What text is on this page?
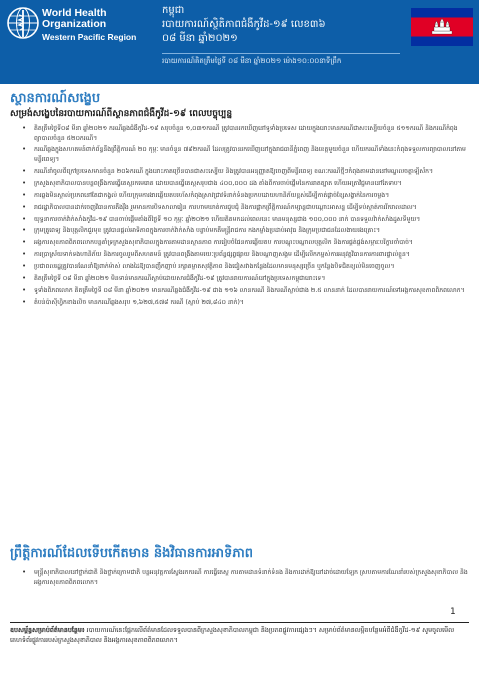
World Health
Organization
Western Pacific Region
កម្ពុជា
របាយការណ៍ស្ថិតិភាពជំងឺកូវីដ-១៩ លេខ៣៦
០៨ មីនា ឆ្នាំ២០២១
របាយការណ៍គិតត្រឹមថ្ងៃទី ០៨ មីនា ឆ្នាំ២០២១ ម៉ោង១០:០០នាទីព្រឹក
ស្ថានការណ៍សង្ខេប
សម្រង់សង្ខេបនៃរបាយការណ៍ពីស្ថានភាពជំងឺកូវីដ-១៩ ពេលបច្ចុប្បន្ន
• គិតត្រឹមថ្ងៃទី០៨ មីនា ឆ្នាំ២០២១ ករណីឆ្លងជំងឺកូវីដ-១៩ សរុបចំនួន ១,០៣១ករណី ត្រូវបានរកឃើញនៅទូទាំងប្រទេស ដោយក្នុងនោះមានករណីជាសះស្បើយចំនួន ៥១១ករណី និងករណីកំពុងព្យាបាលចំនួន ៥២០ករណី។
• ករណីឆ្លងក្នុងសហគមន៍ពាក់ព័ន្ធនឹងព្រឹត្តិការណ៍ ២០ កុម្ភៈ មានចំនួន ៧៩២ករណី ដែលត្រូវបានរកឃើញនៅក្នុងរាជធានីភ្នំពេញ និងខេត្តមួយចំនួន ហើយករណីទាំងនេះកំពុងទទួលការព្យាបាលនៅតាមមន្ទីរពេទ្យ។
• ករណីនាំចូលពីក្រៅប្រទេសមានចំនួន ២០៦ករណី ក្នុងនោះភាគច្រើនបានជាសះស្បើយ និងត្រូវបានអនុញ្ញាតឱ្យចេញពីមន្ទីរពេទ្យ ខណៈករណីថ្មីៗកំពុងតាមដាននៅមណ្ឌលចត្តាឡីស័ក។
• ក្រសួងសុខាភិបាលបានបន្តពង្រឹងការធ្វើតេស្តរកមេរោគ ដោយបានធ្វើតេស្តសរុបជាង ៤០០,០០០ ដង តាំងពីការចាប់ផ្តើមនៃការរាតត្បាត ហើយអត្រាវិជ្ជមាននៅតែទាប។
• ការឆ្លងមិនស្គាល់ប្រភពនៅតែជាកង្វល់ ហើយក្រុមការងារឆ្លើយតបរហ័សកំពុងស្រាវជ្រាវទំនាក់ទំនងប្រកបដោយហានិភ័យខ្ពស់ដើម្បីកាត់ផ្តាច់ខ្សែសង្វាក់នៃការចម្លង។
• រាជរដ្ឋាភិបាលបានដាក់ចេញវិធានការតឹងរ៉ឹង រួមមានការបិទសាលារៀន ការហាមឃាត់ការជួបជុំ និងការផ្អាកព្រឹត្តិការណ៍កម្សាន្តជាបណ្តោះអាសន្ន ដើម្បីទប់ស្កាត់ការរីករាលដាល។
• យុទ្ធនាការចាក់វ៉ាក់សាំងកូវីដ-១៩ បានចាប់ផ្តើមតាំងពីថ្ងៃទី ១០ កុម្ភៈ ឆ្នាំ២០២១ ហើយគិតមកដល់ពេលនេះ មានមនុស្សជាង ១០០,០០០ នាក់ បានទទួលវ៉ាក់សាំងដូសទីមួយ។
• ក្រុមគ្រូពេទ្យ និងបុគ្គលិកជួរមុខ ត្រូវបានផ្តល់អាទិភាពក្នុងការចាក់វ៉ាក់សាំង បន្ទាប់មកគឺមន្ត្រីរាជការ កងកម្លាំងប្រដាប់អាវុធ និងក្រុមប្រជាជនដែលងាយរងគ្រោះ។
• អង្គការសុខភាពពិភពលោកបន្តគាំទ្រក្រសួងសុខាភិបាលក្នុងការតាមដានស្ថានភាព ការរៀបចំផែនការឆ្លើយតប ការបណ្តុះបណ្តាលបុគ្គលិក និងការផ្គត់ផ្គង់សម្ភារៈបរិក្ខារចាំបាច់។
• ការប្រាស្រ័យទាក់ទងហានិភ័យ និងការចូលរួមពីសហគមន៍ ត្រូវបានពង្រឹងតាមរយៈប្រព័ន្ធផ្សព្វផ្សាយ និងបណ្តាញសង្គម ដើម្បីលើកកម្ពស់ការអនុវត្តវិធានការការពារផ្ទាល់ខ្លួន។
• ប្រជាពលរដ្ឋត្រូវបានណែនាំឱ្យពាក់ម៉ាស់ លាងដៃឱ្យបានញឹកញាប់ រក្សាគម្លាតសុវត្ថិភាព និងជៀសវាងកន្លែងដែលមានមនុស្សច្រើន ឬកន្លែងបិទជិតខ្យល់មិនចេញចូល។
• គិតត្រឹមថ្ងៃទី ០៨ មីនា ឆ្នាំ២០២១ មិនទាន់មានករណីស្លាប់ដោយសារជំងឺកូវីដ-១៩ ត្រូវបានរាយការណ៍នៅក្នុងប្រទេសកម្ពុជានោះទេ។
• ទូទាំងពិភពលោក គិតត្រឹមថ្ងៃទី ០៨ មីនា ឆ្នាំ២០២១ មានករណីឆ្លងជំងឺកូវីដ-១៩ ជាង ១១៦ លានករណី និងករណីស្លាប់ជាង ២.៥ លាននាក់ ដែលបានរាយការណ៍ទៅអង្គការសុខភាពពិភពលោក។
• តំបន់ប៉ាស៊ីហ្វិកខាងលិច មានករណីឆ្លងសរុប ១,៦២៧,៥៧៨ ករណី (ស្លាប់ ២៧,៨៤០ នាក់)។
ព្រឹត្តិការណ៍ដែលទើបកើតមាន និងវិធានការអាទិភាព
• មន្ត្រីសុខាភិបាលនៅថ្នាក់ជាតិ និងថ្នាក់ក្រោមជាតិ បន្តអនុវត្តការស្វែងរកករណី ការធ្វើតេស្ត ការតាមដានទំនាក់ទំនង និងការដាក់ឱ្យនៅដាច់ដោយឡែក ស្របតាមការណែនាំរបស់ក្រសួងសុខាភិបាល និងអង្គការសុខភាពពិភពលោក។
1
ឧបសម្ព័ន្ធសម្រាប់ព័ត៌មានបន្ថែម៖ របាយការណ៍នេះផ្អែកលើព័ត៌មានដែលទទួលបានពីក្រសួងសុខាភិបាលកម្ពុជា និងប្រភពផ្លូវការផ្សេងៗ។ សម្រាប់ព័ត៌មានលម្អិតបន្ថែមអំពីជំងឺកូវីដ-១៩ សូមចូលមើលគេហទំព័រផ្លូវការរបស់ក្រសួងសុខាភិបាល និងអង្គការសុខភាពពិភពលោក។
